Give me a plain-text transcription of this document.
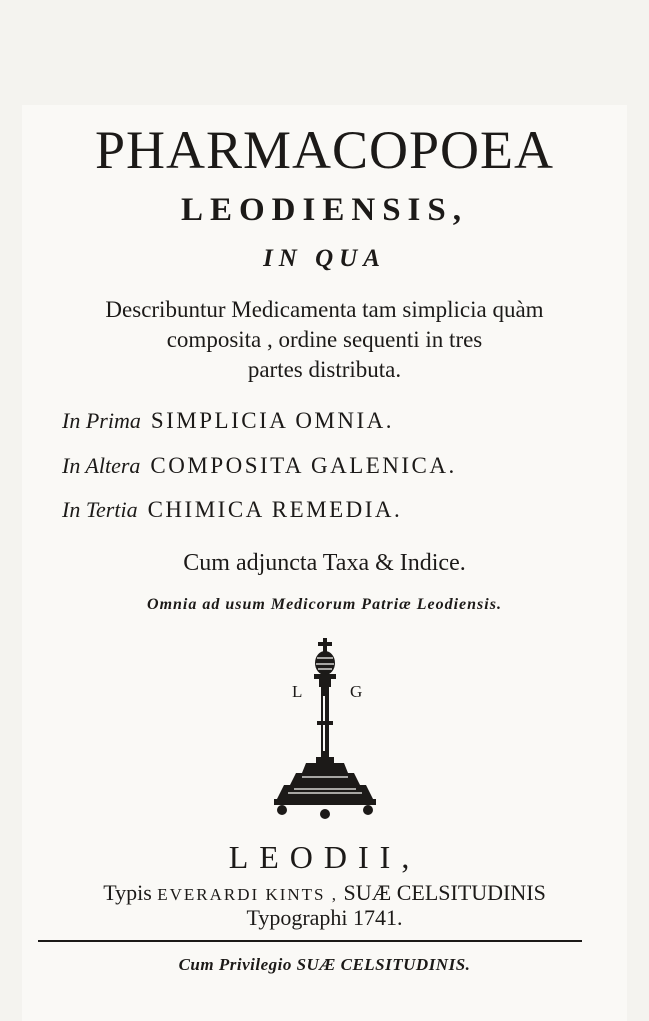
PHARMACOPOEA
LEODIENSIS,
IN QUA
Describuntur Medicamenta tam simplicia quàm
composita , ordine sequenti in tres
partes distributa.
In Prima SIMPLICIA OMNIA.
In Altera COMPOSITA GALENICA.
In Tertia CHIMICA REMEDIA.
Cum adjuncta Taxa & Indice.
Omnia ad usum Medicorum Patriæ Leodiensis.
L	G
LEODII,
Typis EVERARDI KINTS , SUÆ CELSITUDINIS
Typographi 1741.
Cum Privilegio SUÆ CELSITUDINIS.
